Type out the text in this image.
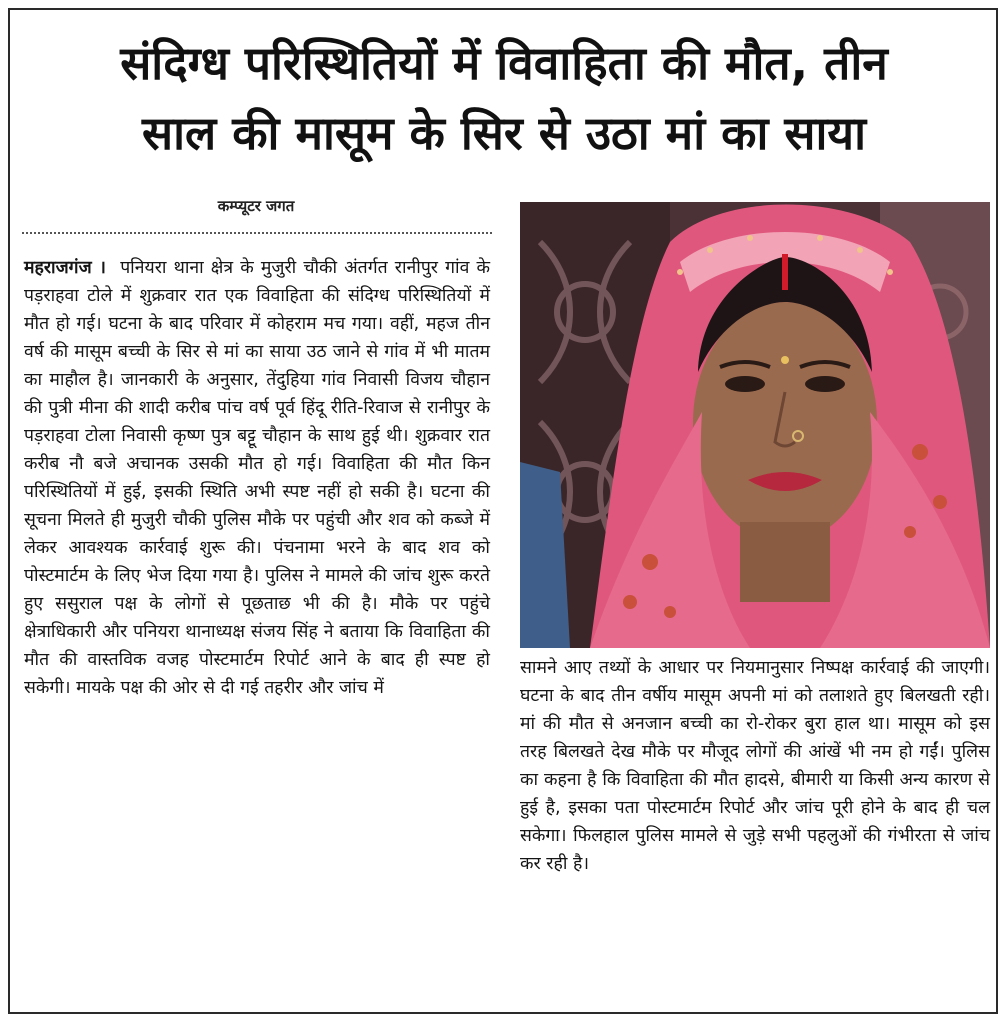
संदिग्ध परिस्थितियों में विवाहिता की मौत, तीन
साल की मासूम के सिर से उठा मां का साया
कम्प्यूटर जगत

महराजगंज । पनियरा थाना क्षेत्र के मुजुरी चौकी अंतर्गत रानीपुर गांव के पड़राहवा टोले में शुक्रवार रात एक विवाहिता की संदिग्ध परिस्थितियों में मौत हो गई। घटना के बाद परिवार में कोहराम मच गया। वहीं, महज तीन वर्ष की मासूम बच्ची के सिर से मां का साया उठ जाने से गांव में भी मातम का माहौल है। जानकारी के अनुसार, तेंदुहिया गांव निवासी विजय चौहान की पुत्री मीना की शादी करीब पांच वर्ष पूर्व हिंदू रीति-रिवाज से रानीपुर के पड़राहवा टोला निवासी कृष्ण पुत्र बट्टू चौहान के साथ हुई थी। शुक्रवार रात करीब नौ बजे अचानक उसकी मौत हो गई। विवाहिता की मौत किन परिस्थितियों में हुई, इसकी स्थिति अभी स्पष्ट नहीं हो सकी है। घटना की सूचना मिलते ही मुजुरी चौकी पुलिस मौके पर पहुंची और शव को कब्जे में लेकर आवश्यक कार्रवाई शुरू की। पंचनामा भरने के बाद शव को पोस्टमार्टम के लिए भेज दिया गया है। पुलिस ने मामले की जांच शुरू करते हुए ससुराल पक्ष के लोगों से पूछताछ भी की है। मौके पर पहुंचे क्षेत्राधिकारी और पनियरा थानाध्यक्ष संजय सिंह ने बताया कि विवाहिता की मौत की वास्तविक वजह पोस्टमार्टम रिपोर्ट आने के बाद ही स्पष्ट हो सकेगी। मायके पक्ष की ओर से दी गई तहरीर और जांच में

सामने आए तथ्यों के आधार पर नियमानुसार निष्पक्ष कार्रवाई की जाएगी। घटना के बाद तीन वर्षीय मासूम अपनी मां को तलाशते हुए बिलखती रही। मां की मौत से अनजान बच्ची का रो-रोकर बुरा हाल था। मासूम को इस तरह बिलखते देख मौके पर मौजूद लोगों की आंखें भी नम हो गईं। पुलिस का कहना है कि विवाहिता की मौत हादसे, बीमारी या किसी अन्य कारण से हुई है, इसका पता पोस्टमार्टम रिपोर्ट और जांच पूरी होने के बाद ही चल सकेगा। फिलहाल पुलिस मामले से जुड़े सभी पहलुओं की गंभीरता से जांच कर रही है।
